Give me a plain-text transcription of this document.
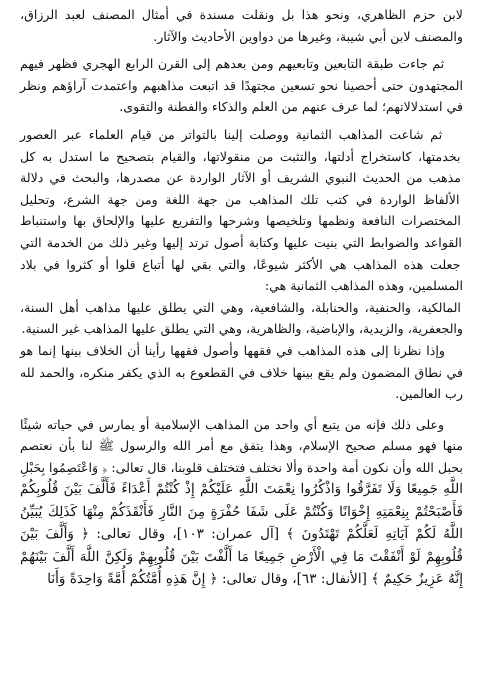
لابن حزم الظاهري، ونحو هذا بل ونقلت مسندة في أمثال المصنف لعبد الرزاق، والمصنف لابن أبي شيبة، وغيرها من دواوين الأحاديث والآثار.

ثم جاءت طبقة التابعين وتابعيهم ومن بعدهم إلى القرن الرابع الهجري فظهر فيهم المجتهدون حتى أحصينا نحو تسعين مجتهدًا قد اتبعت مذاهبهم واعتمدت آراؤهم ونظر في استدلالاتهم؛ لما عرف عنهم من العلم والذكاء والفطنة والتقوى.

ثم شاعت المذاهب الثمانية ووصلت إلينا بالتواتر من قيام العلماء عبر العصور بخدمتها، كاستخراج أدلتها، والتثبت من منقولاتها، والقيام بتصحيح ما استدل به كل مذهب من الحديث النبوي الشريف أو الآثار الواردة عن مصدرها، والبحث في دلالة الألفاظ الواردة في كتب تلك المذاهب من جهة اللغة ومن جهة الشرع، وتحليل المختصرات النافعة ونظمها وتلخيصها وشرحها والتفريع عليها والإلحاق بها واستنباط القواعد والضوابط التي بنيت عليها وكتابة أصول ترتد إليها وغير ذلك من الخدمة التي جعلت هذه المذاهب هي الأكثر شيوعًا، والتي بقي لها أتباع قلوا أو كثروا في بلاد المسلمين، وهذه المذاهب الثمانية هي:

المالكية، والحنفية، والحنابلة، والشافعية، وهي التي يطلق عليها مذاهب أهل السنة، والجعفرية، والزيدية، والإباضية، والظاهرية، وهي التي يطلق عليها المذاهب غير السنية.

وإذا نظرنا إلى هذه المذاهب في فقهها وأصول فقهها رأينا أن الخلاف بينها إنما هو في نطاق المضمون ولم يقع بينها خلاف في القطعوع به الذي يكفر منكره، والحمد لله رب العالمين.

وعلى ذلك فإنه من يتبع أي واحد من المذاهب الإسلامية أو يمارس في حياته شيئًا منها فهو مسلم صحيح الإسلام، وهذا يتفق مع أمر الله والرسول ﷺ لنا بأن نعتصم بحبل الله وأن نكون أمة واحدة وألا نختلف فتختلف قلوبنا، قال تعالى: ﴿ وَاعْتَصِمُوا بِحَبْلِ اللَّهِ جَمِيعًا وَلَا تَفَرَّقُوا وَاذْكُرُوا نِعْمَتَ اللَّهِ عَلَيْكُمْ إِذْ كُنْتُمْ أَعْدَاءً فَأَلَّفَ بَيْنَ قُلُوبِكُمْ فَأَصْبَحْتُمْ بِنِعْمَتِهِ إِخْوَانًا وَكُنْتُمْ عَلَى شَفَا حُفْرَةٍ مِنَ النَّارِ فَأَنْقَذَكُمْ مِنْهَا كَذَلِكَ يُبَيِّنُ اللَّهُ لَكُمْ آيَاتِهِ لَعَلَّكُمْ تَهْتَدُونَ ﴾ [آل عمران: ١٠٣]، وقال تعالى: ﴿ وَأَلَّفَ بَيْنَ قُلُوبِهِمْ لَوْ أَنْفَقْتَ مَا فِي الْأَرْضِ جَمِيعًا مَا أَلَّفْتَ بَيْنَ قُلُوبِهِمْ وَلَكِنَّ اللَّهَ أَلَّفَ بَيْنَهُمْ إِنَّهُ عَزِيزٌ حَكِيمٌ ﴾ [الأنفال: ٦٣]، وقال تعالى: ﴿ إِنَّ هَذِهِ أُمَّتُكُمْ أُمَّةً وَاحِدَةً وَأَنَا
